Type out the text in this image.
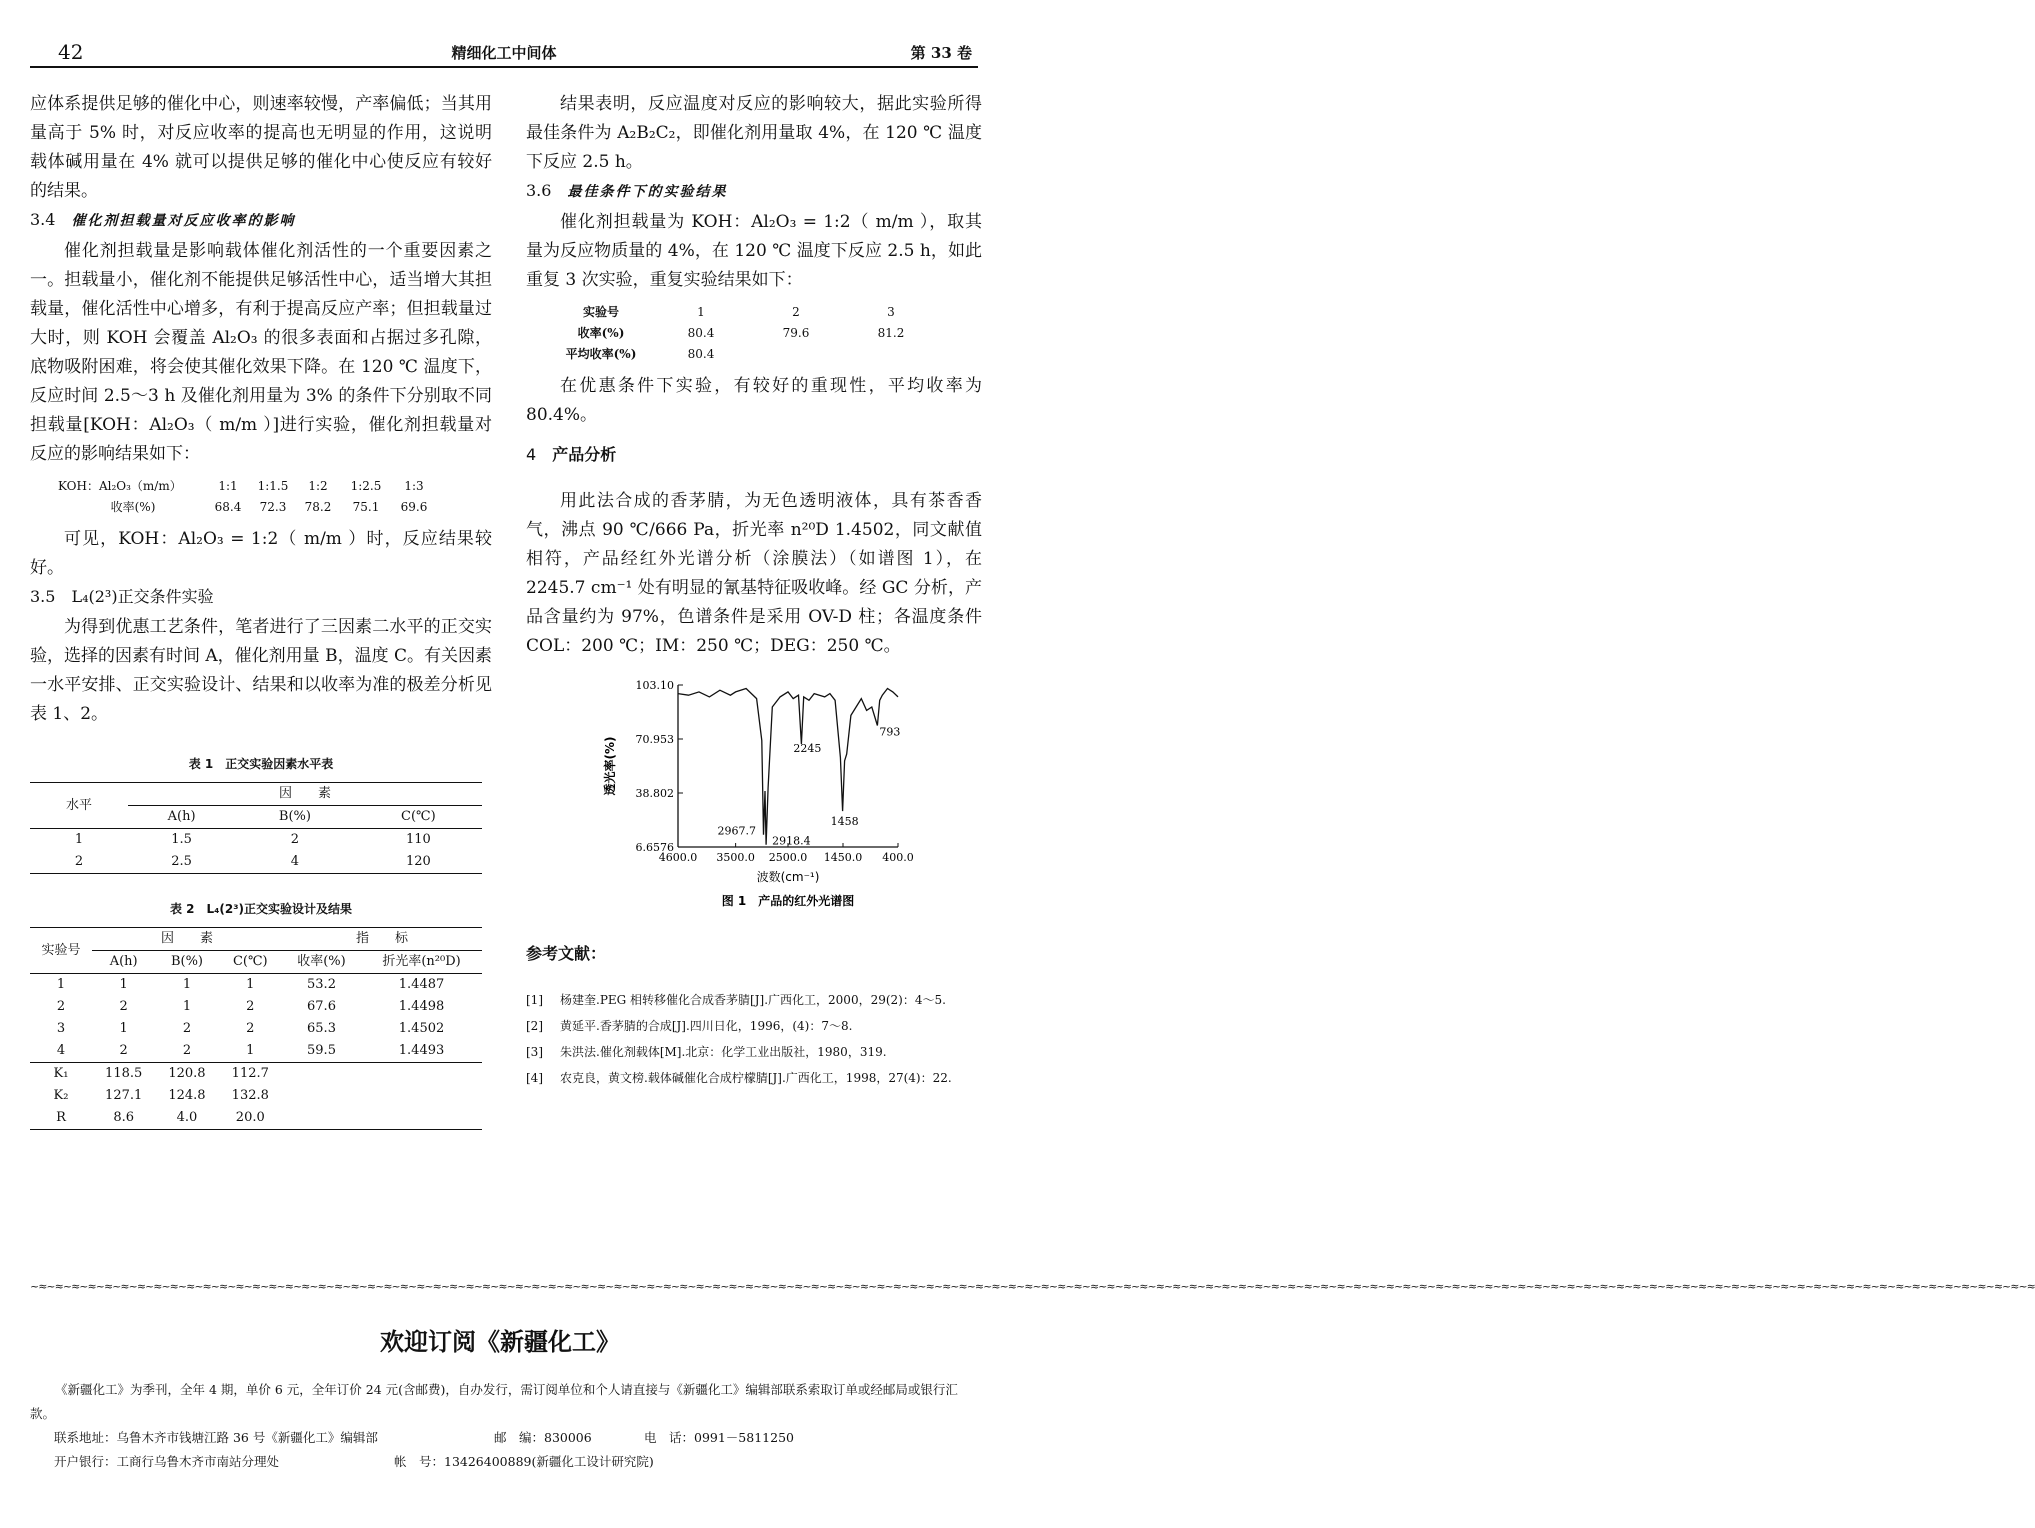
42	精细化工中间体	第 33 卷

应体系提供足够的催化中心，则速率较慢，产率偏低；当其用量高于 5% 时，对反应收率的提高也无明显的作用，这说明载体碱用量在 4% 就可以提供足够的催化中心使反应有较好的结果。

3.4 催化剂担载量对反应收率的影响

催化剂担载量是影响载体催化剂活性的一个重要因素之一。担载量小，催化剂不能提供足够活性中心，适当增大其担载量，催化活性中心增多，有利于提高反应产率；但担载量过大时，则 KOH 会覆盖 Al₂O₃ 的很多表面和占据过多孔隙，底物吸附困难，将会使其催化效果下降。在 120 ℃ 温度下，反应时间 2.5～3 h 及催化剂用量为 3% 的条件下分别取不同担载量[KOH：Al₂O₃（ m/m ）]进行实验，催化剂担载量对反应的影响结果如下：

KOH：Al₂O₃（m/m）	1:1	1:1.5	1:2	1:2.5	1:3
收率(%)	68.4	72.3	78.2	75.1	69.6

可见，KOH：Al₂O₃ = 1:2（ m/m ）时，反应结果较好。

3.5 L₄(2³)正交条件实验

为得到优惠工艺条件，笔者进行了三因素二水平的正交实验，选择的因素有时间 A，催化剂用量 B，温度 C。有关因素一水平安排、正交实验设计、结果和以收率为准的极差分析见表 1、2。

表 1　正交实验因素水平表
水平	因　　素		
	A(h)	B(%)	C(℃)
1	1.5	2	110
2	2.5	4	120
表 2　L₄(2³)正交实验设计及结果
实验号	因　　素			指　　标	
	A(h)	B(%)	C(℃)	收率(%)	折光率(n²⁰D)
1	1	1	1	53.2	1.4487
2	2	1	2	67.6	1.4498
3	1	2	2	65.3	1.4502
4	2	2	1	59.5	1.4493
K₁	118.5	120.8	112.7		
K₂	127.1	124.8	132.8		
R	8.6	4.0	20.0		

结果表明，反应温度对反应的影响较大，据此实验所得最佳条件为 A₂B₂C₂，即催化剂用量取 4%，在 120 ℃ 温度下反应 2.5 h。

3.6 最佳条件下的实验结果

催化剂担载量为 KOH：Al₂O₃ = 1:2（ m/m ），取其量为反应物质量的 4%，在 120 ℃ 温度下反应 2.5 h，如此重复 3 次实验，重复实验结果如下：

实验号	1	2	3
收率(%)	80.4	79.6	81.2
平均收率(%)	80.4		

在优惠条件下实验，有较好的重现性，平均收率为 80.4%。

4 产品分析

用此法合成的香茅腈，为无色透明液体，具有茶香香气，沸点 90 ℃/666 Pa，折光率 n²⁰D 1.4502，同文献值相符，产品经红外光谱分析（涂膜法）（如谱图 1），在 2245.7 cm⁻¹ 处有明显的氰基特征吸收峰。经 GC 分析，产品含量约为 97%，色谱条件是采用 OV-D 柱；各温度条件 COL：200 ℃；IM：250 ℃；DEG：250 ℃。

103.10
70.953
38.802
6.6576
4600.0 3500.0 2500.0 1450.0 400.0
2967.7
2918.4
2245
1458
793
透光率(%)
波数(cm⁻¹)
图 1　产品的红外光谱图
参考文献：
[1]	杨建奎.PEG 相转移催化合成香茅腈[J].广西化工，2000，29(2)：4～5.
[2]	黄延平.香茅腈的合成[J].四川日化，1996，(4)：7～8.
[3]	朱洪法.催化剂载体[M].北京：化学工业出版社，1980，319.
[4]	农克良，黄文榜.载体碱催化合成柠檬腈[J].广西化工，1998，27(4)：22.
~≈~≈~≈~≈~≈~≈~≈~≈~≈~≈~≈~≈~≈~≈~≈~≈~≈~≈~≈~≈~≈~≈~≈~≈~≈~≈~≈~≈~≈~≈~≈~≈~≈~≈~≈~≈~≈~≈~≈~≈~≈~≈~≈~≈~≈~≈~≈~≈~≈~≈~≈~≈~≈~≈~≈~≈~≈~≈~≈~≈~≈~≈~≈~≈~≈~≈~≈~≈~≈~≈~≈~≈~≈~≈~≈~≈~≈~≈~≈~≈~≈~≈~≈~≈~≈~≈~≈~≈~≈~≈~≈~≈~≈~≈~≈~≈~≈~≈~≈~≈~≈~≈~≈~≈~≈~≈~≈~≈~≈~≈~≈~≈~≈~≈~≈~≈~≈~≈~≈~≈~≈~≈
欢迎订阅《新疆化工》
《新疆化工》为季刊，全年 4 期，单价 6 元，全年订价 24 元(含邮费)，自办发行，需订阅单位和个人请直接与《新疆化工》编辑部联系索取订单或经邮局或银行汇款。
联系地址：乌鲁木齐市钱塘江路 36 号《新疆化工》编辑部	邮　编：830006	电　话：0991－5811250
开户银行：工商行乌鲁木齐市南站分理处	帐　号：13426400889(新疆化工设计研究院)
